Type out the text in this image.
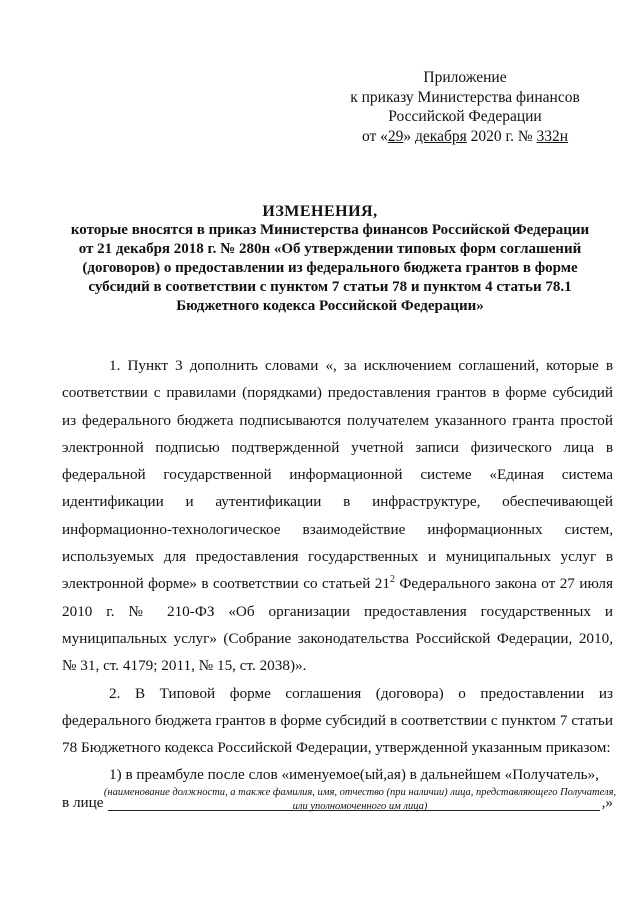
Приложение
к приказу Министерства финансов
Российской Федерации
от «29» декабря 2020 г. № 332н
ИЗМЕНЕНИЯ,
которые вносятся в приказ Министерства финансов Российской Федерации от 21 декабря 2018 г. № 280н «Об утверждении типовых форм соглашений (договоров) о предоставлении из федерального бюджета грантов в форме субсидий в соответствии с пунктом 7 статьи 78 и пунктом 4 статьи 78.1 Бюджетного кодекса Российской Федерации»

1. Пункт 3 дополнить словами «, за исключением соглашений, которые в соответствии с правилами (порядками) предоставления грантов в форме субсидий из федерального бюджета подписываются получателем указанного гранта простой электронной подписью подтвержденной учетной записи физического лица в федеральной государственной информационной системе «Единая система идентификации и аутентификации в инфраструктуре, обеспечивающей информационно-технологическое взаимодействие информационных систем, используемых для предоставления государственных и муниципальных услуг в электронной форме» в соответствии со статьей $21^2$ Федерального закона от 27 июля 2010 г. № 210-ФЗ «Об организации предоставления государственных и муниципальных услуг» (Собрание законодательства Российской Федерации, 2010, № 31, ст. 4179; 2011, № 15, ст. 2038)».

2. В Типовой форме соглашения (договора) о предоставлении из федерального бюджета грантов в форме субсидий в соответствии с пунктом 7 статьи 78 Бюджетного кодекса Российской Федерации, утвержденной указанным приказом:

1) в преамбуле после слов «именуемое(ый,ая) в дальнейшем «Получатель»,

в лице	,»
(наименование должности, а также фамилия, имя, отчество (при наличии) лица, представляющего Получателя, или уполномоченного им лица)
